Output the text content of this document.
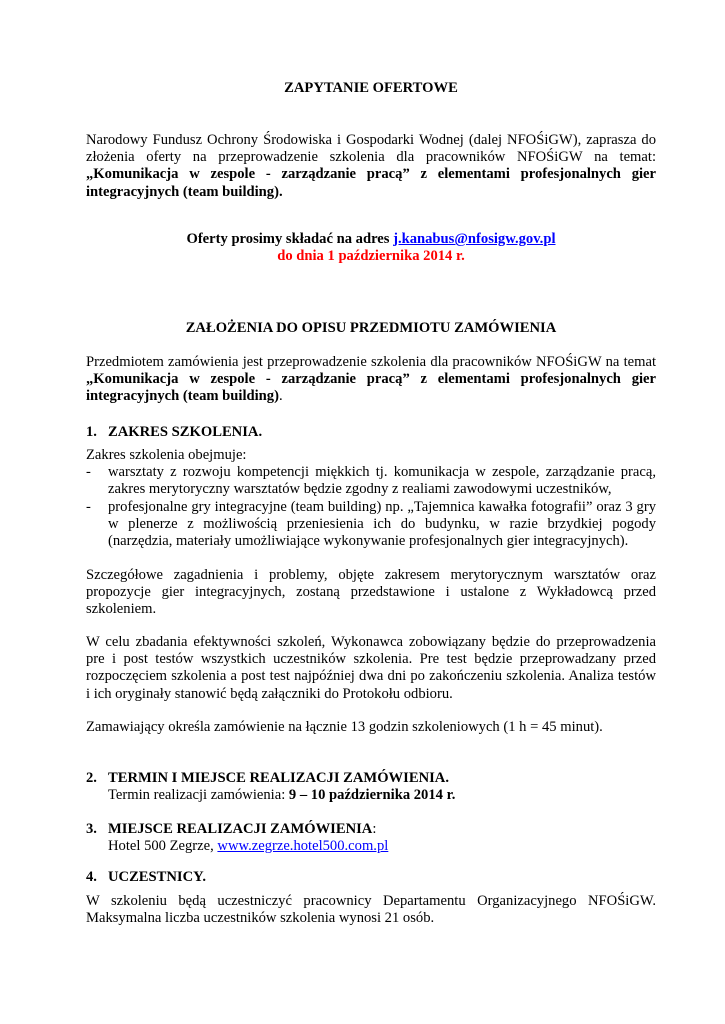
ZAPYTANIE OFERTOWE

Narodowy Fundusz Ochrony Środowiska i Gospodarki Wodnej (dalej NFOŚiGW), zaprasza do złożenia oferty na przeprowadzenie szkolenia dla pracowników NFOŚiGW na temat: „Komunikacja w zespole - zarządzanie pracą” z elementami profesjonalnych gier integracyjnych (team building).

Oferty prosimy składać na adres j.kanabus@nfosigw.gov.pl
do dnia 1 października 2014 r.

ZAŁOŻENIA DO OPISU PRZEDMIOTU ZAMÓWIENIA

Przedmiotem zamówienia jest przeprowadzenie szkolenia dla pracowników NFOŚiGW na temat „Komunikacja w zespole - zarządzanie pracą” z elementami profesjonalnych gier integracyjnych (team building).

1. ZAKRES SZKOLENIA.

Zakres szkolenia obejmuje:

- warsztaty z rozwoju kompetencji miękkich tj. komunikacja w zespole, zarządzanie pracą, zakres merytoryczny warsztatów będzie zgodny z realiami zawodowymi uczestników,
- profesjonalne gry integracyjne (team building) np. „Tajemnica kawałka fotografii” oraz 3 gry w plenerze z możliwością przeniesienia ich do budynku, w razie brzydkiej pogody (narzędzia, materiały umożliwiające wykonywanie profesjonalnych gier integracyjnych).

Szczegółowe zagadnienia i problemy, objęte zakresem merytorycznym warsztatów oraz propozycje gier integracyjnych, zostaną przedstawione i ustalone z Wykładowcą przed szkoleniem.

W celu zbadania efektywności szkoleń, Wykonawca zobowiązany będzie do przeprowadzenia pre i post testów wszystkich uczestników szkolenia. Pre test będzie przeprowadzany przed rozpoczęciem szkolenia a post test najpóźniej dwa dni po zakończeniu szkolenia. Analiza testów i ich oryginały stanowić będą załączniki do Protokołu odbioru.

Zamawiający określa zamówienie na łącznie 13 godzin szkoleniowych (1 h = 45 minut).

2. TERMIN I MIEJSCE REALIZACJI ZAMÓWIENIA.
Termin realizacji zamówienia: 9 – 10 października 2014 r.
3. MIEJSCE REALIZACJI ZAMÓWIENIA:
Hotel 500 Zegrze, www.zegrze.hotel500.com.pl
4. UCZESTNICY.

W szkoleniu będą uczestniczyć pracownicy Departamentu Organizacyjnego NFOŚiGW. Maksymalna liczba uczestników szkolenia wynosi 21 osób.
